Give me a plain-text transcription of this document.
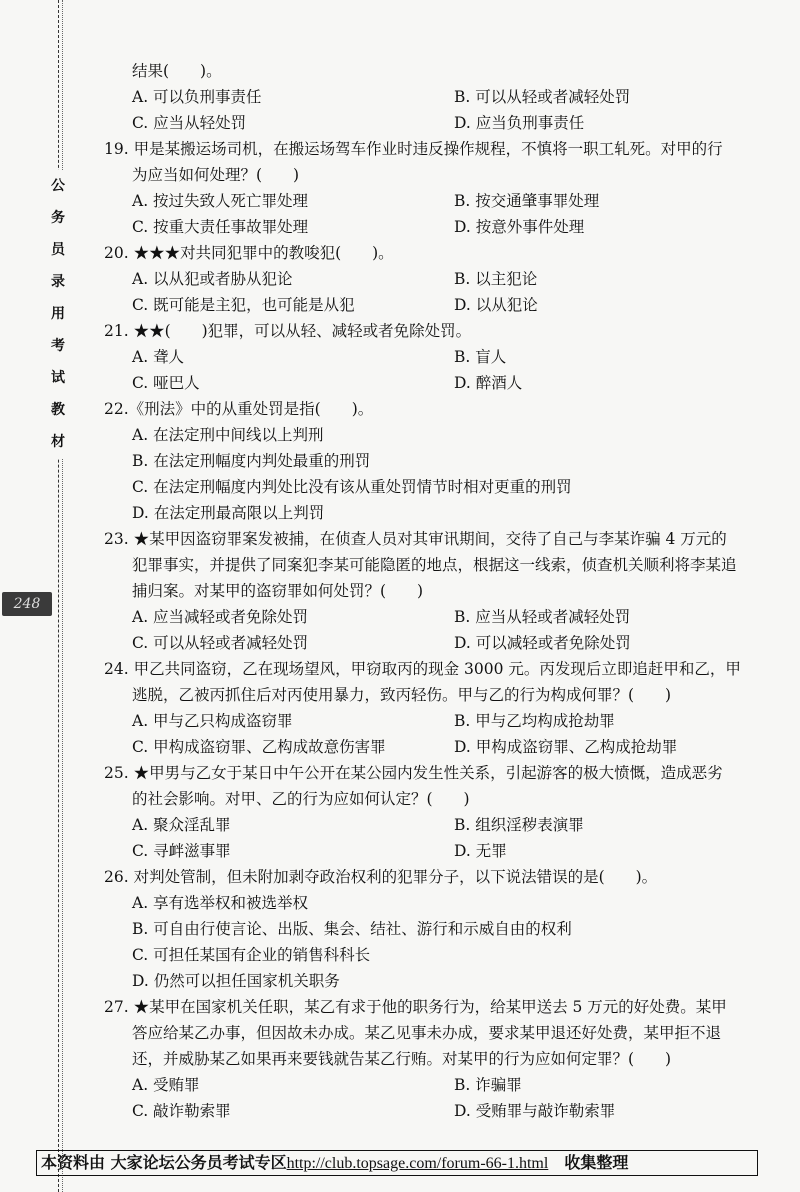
公
务
员
录
用
考
试
教
材
248
结果(　　)。
A. 可以负刑事责任	B. 可以从轻或者减轻处罚
C. 应当从轻处罚	D. 应当负刑事责任
19. 甲是某搬运场司机，在搬运场驾车作业时违反操作规程，不慎将一职工轧死。对甲的行
为应当如何处理？(　　)
A. 按过失致人死亡罪处理	B. 按交通肇事罪处理
C. 按重大责任事故罪处理	D. 按意外事件处理
20. ★★★对共同犯罪中的教唆犯(　　)。
A. 以从犯或者胁从犯论	B. 以主犯论
C. 既可能是主犯，也可能是从犯	D. 以从犯论
21. ★★(　　)犯罪，可以从轻、减轻或者免除处罚。
A. 聋人	B. 盲人
C. 哑巴人	D. 醉酒人
22.《刑法》中的从重处罚是指(　　)。
A. 在法定刑中间线以上判刑
B. 在法定刑幅度内判处最重的刑罚
C. 在法定刑幅度内判处比没有该从重处罚情节时相对更重的刑罚
D. 在法定刑最高限以上判罚
23. ★某甲因盗窃罪案发被捕，在侦查人员对其审讯期间，交待了自己与李某诈骗 4 万元的
犯罪事实，并提供了同案犯李某可能隐匿的地点，根据这一线索，侦查机关顺利将李某追
捕归案。对某甲的盗窃罪如何处罚？(　　)
A. 应当减轻或者免除处罚	B. 应当从轻或者减轻处罚
C. 可以从轻或者减轻处罚	D. 可以减轻或者免除处罚
24. 甲乙共同盗窃，乙在现场望风，甲窃取丙的现金 3000 元。丙发现后立即追赶甲和乙，甲
逃脱，乙被丙抓住后对丙使用暴力，致丙轻伤。甲与乙的行为构成何罪？(　　)
A. 甲与乙只构成盗窃罪	B. 甲与乙均构成抢劫罪
C. 甲构成盗窃罪、乙构成故意伤害罪	D. 甲构成盗窃罪、乙构成抢劫罪
25. ★甲男与乙女于某日中午公开在某公园内发生性关系，引起游客的极大愤慨，造成恶劣
的社会影响。对甲、乙的行为应如何认定？(　　)
A. 聚众淫乱罪	B. 组织淫秽表演罪
C. 寻衅滋事罪	D. 无罪
26. 对判处管制，但未附加剥夺政治权利的犯罪分子，以下说法错误的是(　　)。
A. 享有选举权和被选举权
B. 可自由行使言论、出版、集会、结社、游行和示威自由的权利
C. 可担任某国有企业的销售科科长
D. 仍然可以担任国家机关职务
27. ★某甲在国家机关任职，某乙有求于他的职务行为，给某甲送去 5 万元的好处费。某甲
答应给某乙办事，但因故未办成。某乙见事未办成，要求某甲退还好处费，某甲拒不退
还，并威胁某乙如果再来要钱就告某乙行贿。对某甲的行为应如何定罪？(　　)
A. 受贿罪	B. 诈骗罪
C. 敲诈勒索罪	D. 受贿罪与敲诈勒索罪
本资料由 大家论坛公务员考试专区http://club.topsage.com/forum-66-1.html　收集整理
